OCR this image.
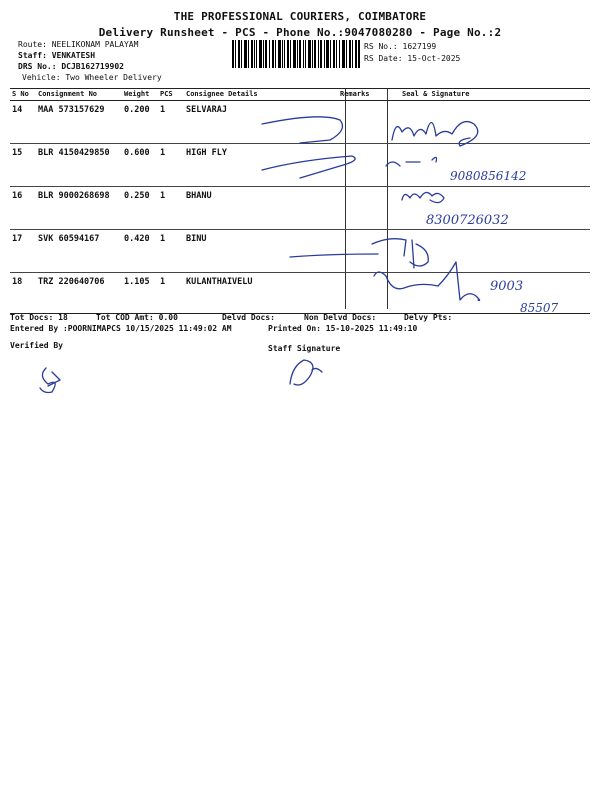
THE PROFESSIONAL COURIERS, COIMBATORE
Delivery Runsheet - PCS - Phone No.:9047080280 - Page No.:2
Route: NEELIKONAM PALAYAM
Staff: VENKATESH
DRS No.: DCJB162719902
Vehicle: Two Wheeler Delivery
RS No.: 1627199
RS Date: 15-Oct-2025
S No Consignment No	Weight PCS Consignee Details	Remarks	Seal & Signature
14 MAA 573157629 0.200 1 SELVARAJ
15 BLR 4150429850 0.600 1 HIGH FLY
16 BLR 9000268698 0.250 1 BHANU
17 SVK 60594167	0.420 1 BINU
18 TRZ 220640706 1.105 1 KULANTHAIVELU
Tot Docs: 18	Tot COD Amt: 0.00	Delvd Docs:	Non Delvd Docs:	Delvy Pts:
Entered By :POORNIMAPCS 10/15/2025 11:49:02 AM	Printed On: 15-10-2025 11:49:10
Verified By	Staff Signature
9080856142
8300726032
9003
85507
